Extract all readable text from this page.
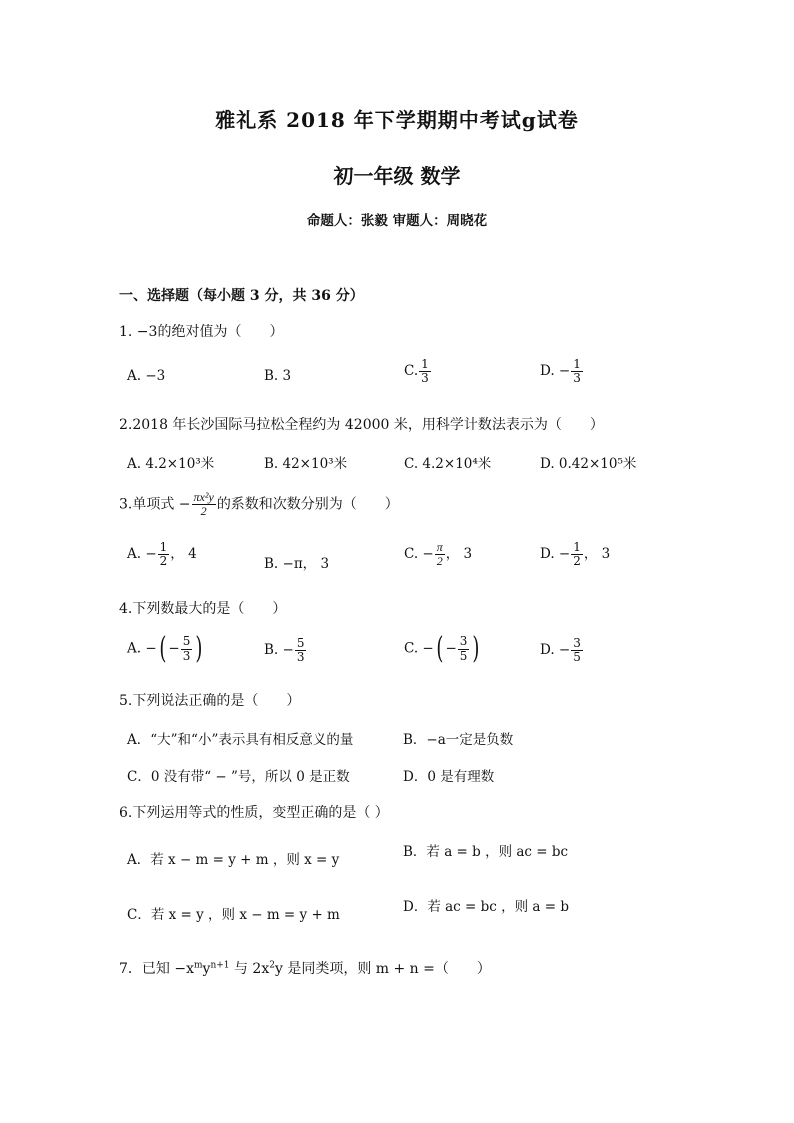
雅礼系 2018 年下学期期中考试g试卷
初一年级 数学
命题人：张毅 审题人：周晓花
一、选择题（每小题 3 分，共 36 分）
1. −3的绝对值为（　　）
A. −3	B. 3	C. $\frac{1}{3}$	D. − $\frac{1}{3}$
2.2018 年长沙国际马拉松全程约为 42000 米，用科学计数法表示为（　　）
A. 4.2×10³米	B. 42×10³米	C. 4.2×10⁴米	D. 0.42×10⁵米
3.单项式 − $\frac{\text{πx²y}}{2}$ 的系数和次数分别为（　　）
A. − $\frac{1}{2}$ ， 4
B. −π， 3
C. − $\frac{\pi}{2}$ ， 3	D. − $\frac{1}{2}$ ， 3
4.下列数最大的是（　　）
A. −( − $\frac{5}{3}$ )	B. − $\frac{5}{3}$	C. −( − $\frac{3}{5}$ )	D. − $\frac{3}{5}$
5.下列说法正确的是（　　）
A．“大”和“小”表示具有相反意义的量	B．−a一定是负数
C．0 没有带“ − ”号，所以 0 是正数	D．0 是有理数
6.下列运用等式的性质，变型正确的是（ ）
A．若 x − m = y + m ，则 x = y	B．若 a = b ，则 ac = bc
C．若 x = y ，则 x − m = y + m	D．若 ac = bc ，则 a = b
7．已知 $-x^my^{n+1}$ 与 $2x^2y$ 是同类项，则 m + n =（　　）
